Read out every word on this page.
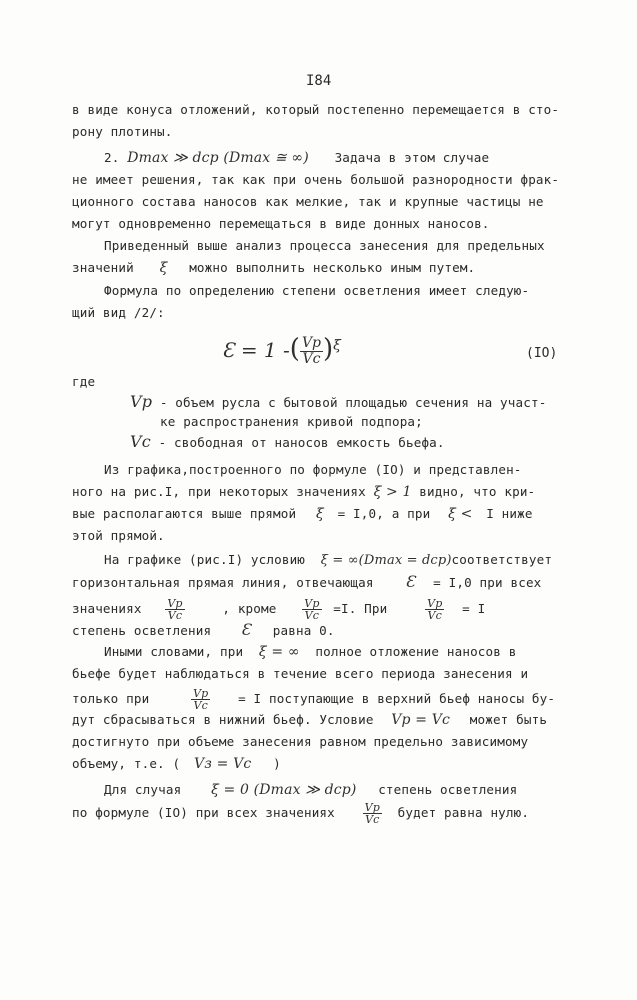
I84
в виде конуса отложений, который постепенно перемещается в сто-
рону плотины.
2. Dmax ≫ dср (Dmax ≅ ∞) Задача в этом случае
не имеет решения, так как при очень большой разнородности фрак-
ционного состава наносов как мелкие, так и крупные частицы не
могут одновременно перемещаться в виде донных наносов.
Приведенный выше анализ процесса занесения для предельных
значений ξ можно выполнить несколько иным путем.
Формула по определению степени осветления имеет следую-
щий вид /2/:
Ɛ = 1 -( $\frac{Vр}{Vс} )^\xi$
(IO)
где
Vр - объем русла с бытовой площадью сечения на участ-
ке распространения кривой подпора;
Vс - свободная от наносов емкость бьефа.
Из графика,построенного по формуле (IO) и представлен-
ного на рис.I, при некоторых значениях ξ > 1 видно, что кри-
вые располагаются выше прямой ξ = I,0, а при ξ < I ниже
этой прямой.
На графике (рис.I) условию ξ = ∞(Dmax = dср)соответствует
горизонтальная прямая линия, отвечающая Ɛ = I,0 при всех
значениях $\frac{Vр}{Vс}$	, кроме $\frac{Vр}{Vс} =I$. При	$\frac{Vр}{Vс} = I$
степень осветления Ɛ равна 0.
Иными словами, при ξ = ∞ полное отложение наносов в
бьефе будет наблюдаться в течение всего периода занесения и
только при	$\frac{Vр}{Vс} = I$ поступающие в верхний бьеф наносы бу-
дут сбрасываться в нижний бьеф. Условие Vр = Vс может быть
достигнуто при объеме занесения равном предельно зависимому
объему, т.е. ( Vз = Vс )
Для случая ξ = 0 (Dmax ≫ dср) степень осветления
по формуле (IO) при всех значениях	$\frac{Vр}{Vс}$ будет равна нулю.
